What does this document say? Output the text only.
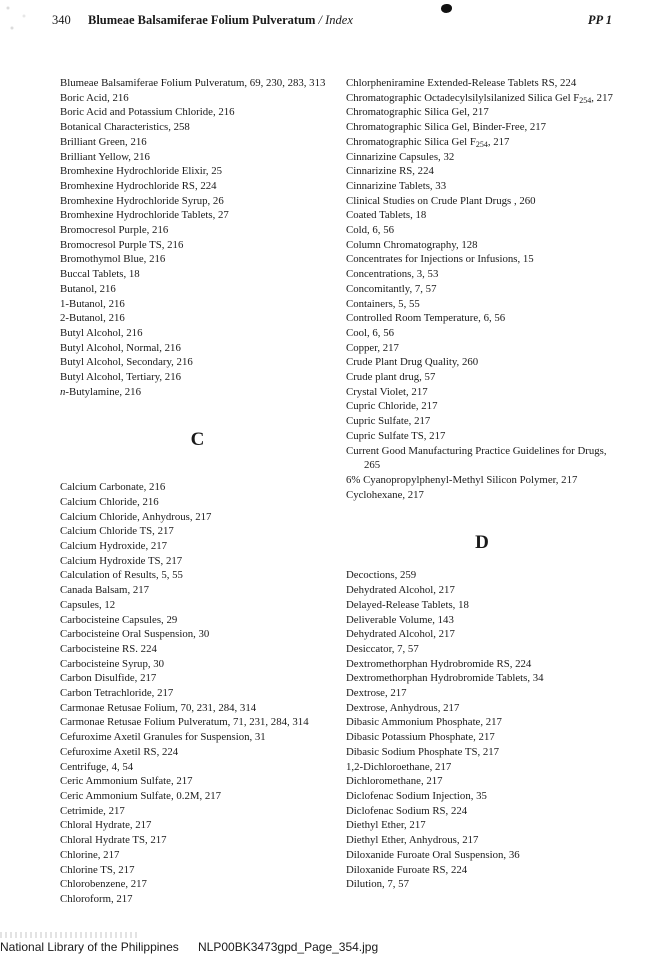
340 Blumeae Balsamiferae Folium Pulveratum / Index	PP 1
Blumeae Balsamiferae Folium Pulveratum, 69, 230, 283, 313
Boric Acid, 216
Boric Acid and Potassium Chloride, 216
Botanical Characteristics, 258
Brilliant Green, 216
Brilliant Yellow, 216
Bromhexine Hydrochloride Elixir, 25
Bromhexine Hydrochloride RS, 224
Bromhexine Hydrochloride Syrup, 26
Bromhexine Hydrochloride Tablets, 27
Bromocresol Purple, 216
Bromocresol Purple TS, 216
Bromothymol Blue, 216
Buccal Tablets, 18
Butanol, 216
1-Butanol, 216
2-Butanol, 216
Butyl Alcohol, 216
Butyl Alcohol, Normal, 216
Butyl Alcohol, Secondary, 216
Butyl Alcohol, Tertiary, 216
n-Butylamine, 216
C
Calcium Carbonate, 216
Calcium Chloride, 216
Calcium Chloride, Anhydrous, 217
Calcium Chloride TS, 217
Calcium Hydroxide, 217
Calcium Hydroxide TS, 217
Calculation of Results, 5, 55
Canada Balsam, 217
Capsules, 12
Carbocisteine Capsules, 29
Carbocisteine Oral Suspension, 30
Carbocisteine RS. 224
Carbocisteine Syrup, 30
Carbon Disulfide, 217
Carbon Tetrachloride, 217
Carmonae Retusae Folium, 70, 231, 284, 314
Carmonae Retusae Folium Pulveratum, 71, 231, 284, 314
Cefuroxime Axetil Granules for Suspension, 31
Cefuroxime Axetil RS, 224
Centrifuge, 4, 54
Ceric Ammonium Sulfate, 217
Ceric Ammonium Sulfate, 0.2M, 217
Cetrimide, 217
Chloral Hydrate, 217
Chloral Hydrate TS, 217
Chlorine, 217
Chlorine TS, 217
Chlorobenzene, 217
Chloroform, 217
Chlorpheniramine Extended-Release Tablets RS, 224
Chromatographic Octadecylsilylsilanized Silica Gel $F_{254}$, 217
Chromatographic Silica Gel, 217
Chromatographic Silica Gel, Binder-Free, 217
Chromatographic Silica Gel $F_{254}$, 217
Cinnarizine Capsules, 32
Cinnarizine RS, 224
Cinnarizine Tablets, 33
Clinical Studies on Crude Plant Drugs , 260
Coated Tablets, 18
Cold, 6, 56
Column Chromatography, 128
Concentrates for Injections or Infusions, 15
Concentrations, 3, 53
Concomitantly, 7, 57
Containers, 5, 55
Controlled Room Temperature, 6, 56
Cool, 6, 56
Copper, 217
Crude Plant Drug Quality, 260
Crude plant drug, 57
Crystal Violet, 217
Cupric Chloride, 217
Cupric Sulfate, 217
Cupric Sulfate TS, 217
Current Good Manufacturing Practice Guidelines for Drugs, 265
6% Cyanopropylphenyl-Methyl Silicon Polymer, 217
Cyclohexane, 217
D
Decoctions, 259
Dehydrated Alcohol, 217
Delayed-Release Tablets, 18
Deliverable Volume, 143
Dehydrated Alcohol, 217
Desiccator, 7, 57
Dextromethorphan Hydrobromide RS, 224
Dextromethorphan Hydrobromide Tablets, 34
Dextrose, 217
Dextrose, Anhydrous, 217
Dibasic Ammonium Phosphate, 217
Dibasic Potassium Phosphate, 217
Dibasic Sodium Phosphate TS, 217
1,2-Dichloroethane, 217
Dichloromethane, 217
Diclofenac Sodium Injection, 35
Diclofenac Sodium RS, 224
Diethyl Ether, 217
Diethyl Ether, Anhydrous, 217
Diloxanide Furoate Oral Suspension, 36
Diloxanide Furoate RS, 224
Dilution, 7, 57
National Library of the Philippines NLP00BK3473gpd_Page_354.jpg
